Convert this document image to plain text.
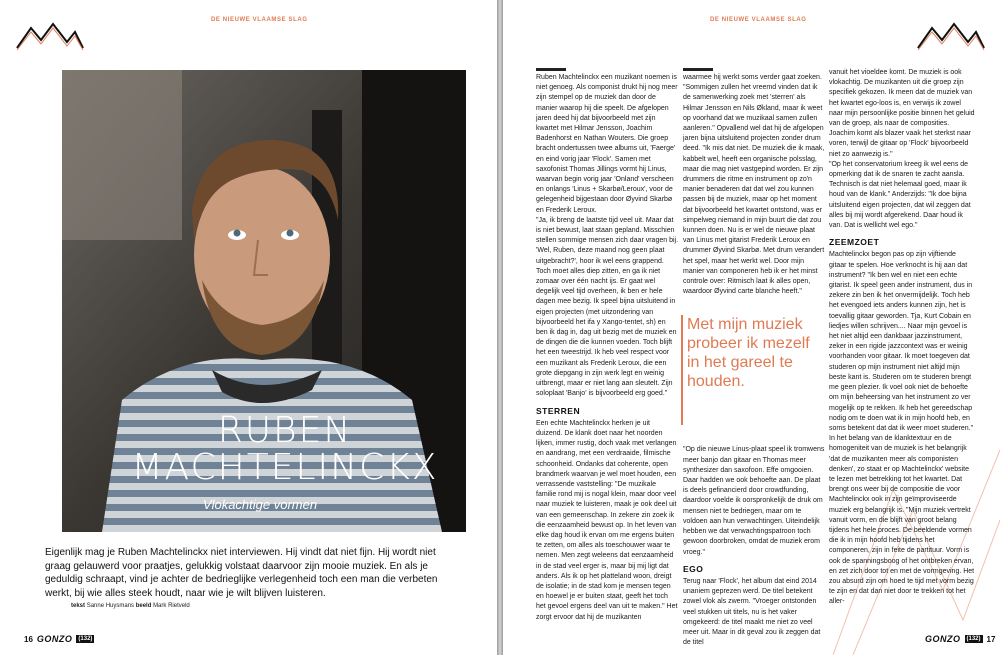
DE NIEUWE VLAAMSE SLAG
RUBEN
MACHTELINCKX
Vlokachtige vormen
Eigenlijk mag je Ruben Machtelinckx niet interviewen. Hij vindt dat niet fijn. Hij wordt niet graag gelauwerd voor praatjes, gelukkig volstaat daarvoor zijn mooie muziek. En als je geduldig schraapt, vind je achter de bedrieglijke verlegenheid toch een man die verbeten werkt, bij wie alles steek houdt, naar wie je wilt blijven luisteren.
tekst Sanne Huysmans beeld Mark Rietveld
16 GONZO	(132)
DE NIEUWE VLAAMSE SLAG

Ruben Machtelinckx een muzikant noemen is niet genoeg. Als componist drukt hij nog meer zijn stempel op de muziek dan door de manier waarop hij die speelt. De afgelopen jaren deed hij dat bijvoorbeeld met zijn kwartet met Hilmar Jensson, Joachim Badenhorst en Nathan Wouters. Die groep bracht ondertussen twee albums uit, 'Faerge' en eind vorig jaar 'Flock'. Samen met saxofonist Thomas Jillings vormt hij Linus, waarvan begin vorig jaar 'Onland' verscheen en onlangs 'Linus + Skarbø/Leroux', voor de gelegenheid bijgestaan door Øyvind Skarbø en Frederik Leroux.

"Ja, ik breng de laatste tijd veel uit. Maar dat is niet bewust, laat staan gepland. Misschien stellen sommige mensen zich daar vragen bij. 'Wel, Ruben, deze maand nog geen plaat uitgebracht?', hoor ik wel eens grappend. Toch moet alles diep zitten, en ga ik niet zomaar over één nacht ijs. Er gaat wel degelijk veel tijd overheen, ik ben er hele dagen mee bezig. Ik speel bijna uitsluitend in eigen projecten (met uitzondering van bijvoorbeeld het ifa y Xango-tentet, sh) en ben ik dag in, dag uit bezig met de muziek en de dingen die die kunnen voeden. Toch blijft het een tweestrijd. Ik heb veel respect voor een muzikant als Frederik Leroux, die een grote diepgang in zijn werk legt en weinig uitbrengt, maar er niet lang aan sleutelt. Zijn soloplaat 'Banjo' is bijvoorbeeld erg goed."

STERREN

Een echte Machtelinckx herken je uit duizend. De klank doet naar het noorden lijken, immer rustig, doch vaak met verlangen en aandrang, met een verdraaide, filmische schoonheid. Ondanks dat coherente, open brandmerk waarvan je wel moet houden, een verrassende vaststelling: "De muzikale familie rond mij is nogal klein, maar door veel naar muziek te luisteren, maak je ook deel uit van een gemeenschap. In zekere zin zoek ik die eenzaamheid bewust op. In het leven van elke dag houd ik ervan om me ergens buiten te zetten, om alles als toeschouwer waar te nemen. Men zegt weleens dat eenzaamheid in de stad veel erger is, maar bij mij ligt dat anders. Als ik op het platteland woon, dreigt de isolatie; in de stad kom je mensen tegen en hoewel je er buiten staat, geeft het toch het gevoel ergens deel van uit te maken." Het zorgt ervoor dat hij de muzikanten

waarmee hij werkt soms verder gaat zoeken. "Sommigen zullen het vreemd vinden dat ik de samenwerking zoek met 'sterren' als Hilmar Jensson en Nils Økland, maar ik weet op voorhand dat we muzikaal samen zullen aanleren." Opvallend wel dat hij de afgelopen jaren bijna uitsluitend projecten zonder drum deed. "Ik mis dat niet. De muziek die ik maak, kabbelt wel, heeft een organische polsslag, maar die mag niet vastgepind worden. Er zijn drummers die ritme en instrument op zo'n manier benaderen dat dat wel zou kunnen passen bij de muziek, maar op het moment dat bijvoorbeeld het kwartet ontstond, was er simpelweg niemand in mijn buurt die dat zou kunnen doen. Nu is er wel de nieuwe plaat van Linus met gitarist Frederik Leroux en drummer Øyvind Skarbø. Met drum verandert het spel, maar het werkt wel. Door mijn manier van componeren heb ik er het minst controle over: Ritmisch laat ik alles open, waardoor Øyvind carte blanche heeft."

"Op die nieuwe Linus-plaat speel ik tromwens meer banjo dan gitaar en Thomas meer synthesizer dan saxofoon. Effe omgooien. Daar hadden we ook behoefte aan. De plaat is deels gefinancierd door crowdfunding, daardoor voelde ik oorspronkelijk de druk om mensen niet te bedriegen, maar om te voldoen aan hun verwachtingen. Uiteindelijk hebben we dat verwachtingspatroon toch gewoon doorbroken, omdat de muziek erom vroeg."

EGO

Terug naar 'Flock', het album dat eind 2014 unaniem geprezen werd. De titel betekent zowel vlok als zwerm. "Vroeger ontstonden veel stukken uit titels, nu is het vaker omgekeerd: de titel maakt me niet zo veel meer uit. Maar in dit geval zou ik zeggen dat de titel

Met mijn muziek probeer ik mezelf in het gareel te houden.

vanuit het vioeldee komt. De muziek is ook vlokachtig. De muzikanten uit die groep zijn specifiek gekozen. Ik meen dat de muziek van het kwartet ego-loos is, en verwijs ik zowel naar mijn persoonlijke positie binnen het geluid van de groep, als naar de composities. Joachim komt als blazer vaak het sterkst naar voren, terwijl de gitaar op 'Flock' bijvoorbeeld niet zo aanwezig is."

"Op het conservatorium kreeg ik wel eens de opmerking dat ik de snaren te zacht aansla. Technisch is dat niet helemaal goed, maar ik houd van de klank." Anderzijds: "Ik doe bijna uitsluitend eigen projecten, dat wil zeggen dat alles bij mij wordt afgerekend. Daar houd ik van. Dat is wellicht wel ego."

ZEEMZOET

Machtelinckx begon pas op zijn vijftiende gitaar te spelen. Hoe verknocht is hij aan dat instrument? "Ik ben wel en niet een echte gitarist. Ik speel geen ander instrument, dus in zekere zin ben ik het onvermijdelijk. Toch heb het evengoed iets anders kunnen zijn, het is toevallig gitaar geworden. Tja, Kurt Cobain en liedjes willen schrijven.... Naar mijn gevoel is het niet altijd een dankbaar jazzinstrument, zeker in een rigide jazzcontext was er weinig voorhanden voor gitaar. Ik moet toegeven dat studeren op mijn instrument niet altijd mijn beste kant is. Studeren om te studeren brengt me geen plezier. Ik voel ook niet de behoefte om mijn beheersing van het instrument zo ver mogelijk op te rekken. Ik heb het gereedschap nodig om te doen wat ik in mijn hoofd heb, en soms betekent dat dat ik weer moet studeren." In het belang van de klanktextuur en de homogeniteit van de muziek is het belangrijk 'dat de muzikanten meer als componisten denken', zo staat er op Machtelinckx' website te lezen met betrekking tot het kwartet. Dat brengt ons weer bij de compositie die voor Machtelinckx ook in zijn geïmproviseerde muziek erg belangrijk is. "Mijn muziek vertrekt vanuit vorm, en die blijft van groot belang tijdens het hele proces. De beeldende vormen die ik in mijn hoofd heb tijdens het componeren, zijn in feite de partituur. Vorm is ook de spanningsboog of het ontbreken ervan, en zet zich door tot en met de vormgeving. Het zou absurd zijn om hoed te tijd met vorm bezig te zijn en dat dan niet door te trekken tot het aller-

GONZO	(132) 17
